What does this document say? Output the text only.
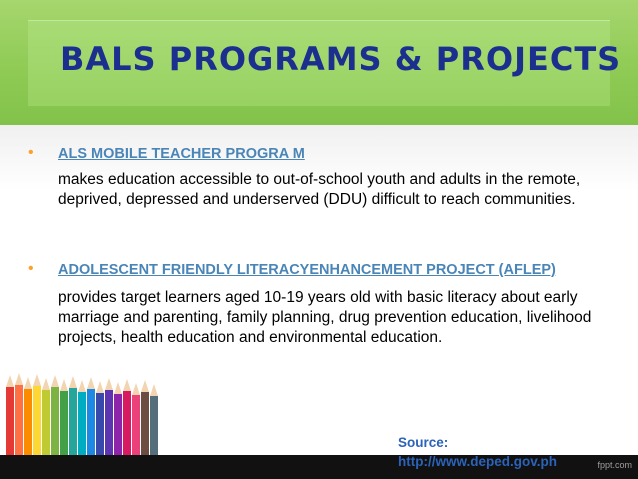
BALS PROGRAMS & PROJECTS
• ALS MOBILE TEACHER PROGRA M

makes education accessible to out-of-school youth and adults in the remote, deprived, depressed and underserved (DDU) difficult to reach communities.

• ADOLESCENT FRIENDLY LITERACYENHANCEMENT PROJECT (AFLEP)

provides target learners aged 10-19 years old with basic literacy about early marriage and parenting, family planning, drug prevention education, livelihood projects, health education and environmental education.

Source:
http://www.deped.gov.ph	fppt.com
